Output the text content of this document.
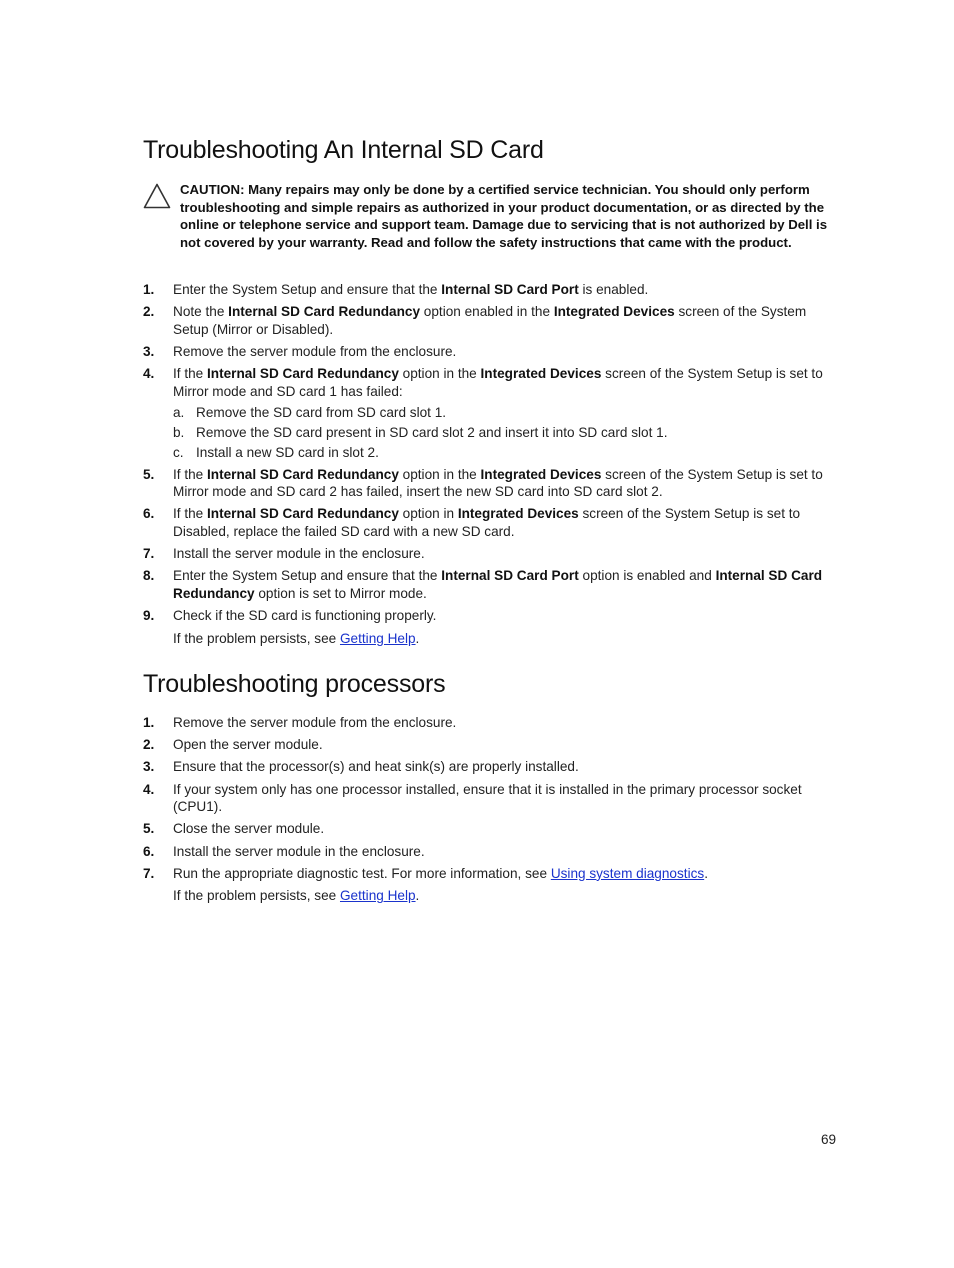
Troubleshooting An Internal SD Card
CAUTION: Many repairs may only be done by a certified service technician. You should only perform troubleshooting and simple repairs as authorized in your product documentation, or as directed by the online or telephone service and support team. Damage due to servicing that is not authorized by Dell is not covered by your warranty. Read and follow the safety instructions that came with the product.
1. Enter the System Setup and ensure that the Internal SD Card Port is enabled.
2. Note the Internal SD Card Redundancy option enabled in the Integrated Devices screen of the System Setup (Mirror or Disabled).
3. Remove the server module from the enclosure.
4. If the Internal SD Card Redundancy option in the Integrated Devices screen of the System Setup is set to Mirror mode and SD card 1 has failed:
a. Remove the SD card from SD card slot 1.
b. Remove the SD card present in SD card slot 2 and insert it into SD card slot 1.
c. Install a new SD card in slot 2.
5. If the Internal SD Card Redundancy option in the Integrated Devices screen of the System Setup is set to Mirror mode and SD card 2 has failed, insert the new SD card into SD card slot 2.
6. If the Internal SD Card Redundancy option in Integrated Devices screen of the System Setup is set to Disabled, replace the failed SD card with a new SD card.
7. Install the server module in the enclosure.
8. Enter the System Setup and ensure that the Internal SD Card Port option is enabled and Internal SD Card Redundancy option is set to Mirror mode.
9. Check if the SD card is functioning properly.
If the problem persists, see Getting Help.
Troubleshooting processors
1. Remove the server module from the enclosure.
2. Open the server module.
3. Ensure that the processor(s) and heat sink(s) are properly installed.
4. If your system only has one processor installed, ensure that it is installed in the primary processor socket (CPU1).
5. Close the server module.
6. Install the server module in the enclosure.
7. Run the appropriate diagnostic test. For more information, see Using system diagnostics.
If the problem persists, see Getting Help.
69
